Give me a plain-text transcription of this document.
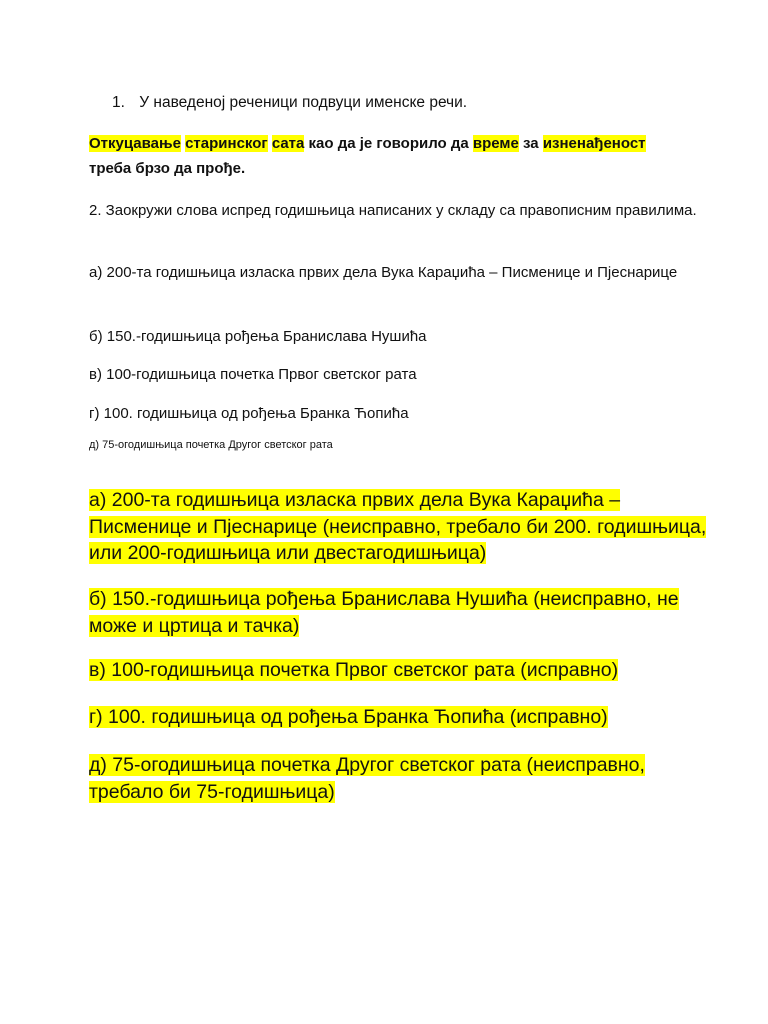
1. У наведеној реченици подвуци именске речи.
Откуцавање старинског сата као да је говорило да време за изненађеност
треба брзо да прође.
2. Заокружи слова испред годишњица написаних у складу са правописним правилима.
а) 200-та годишњица изласка првих дела Вука Караџића – Писменице и Пјеснарице
б) 150.-годишњица рођења Бранислава Нушића
в) 100-годишњица почетка Првог светског рата
г) 100. годишњица од рођења Бранка Ћопића
д) 75-огодишњица почетка Другог светског рата
а) 200-та годишњица изласка првих дела Вука Караџића – Писменице и Пјеснарице (неисправно, требало би 200. годишњица, или 200-годишњица или двестагодишњица)
б) 150.-годишњица рођења Бранислава Нушића (неисправно, не може и цртица и тачка)
в) 100-годишњица почетка Првог светског рата (исправно)
г) 100. годишњица од рођења Бранка Ћопића (исправно)
д) 75-огодишњица почетка Другог светског рата (неисправно, требало би 75-годишњица)
